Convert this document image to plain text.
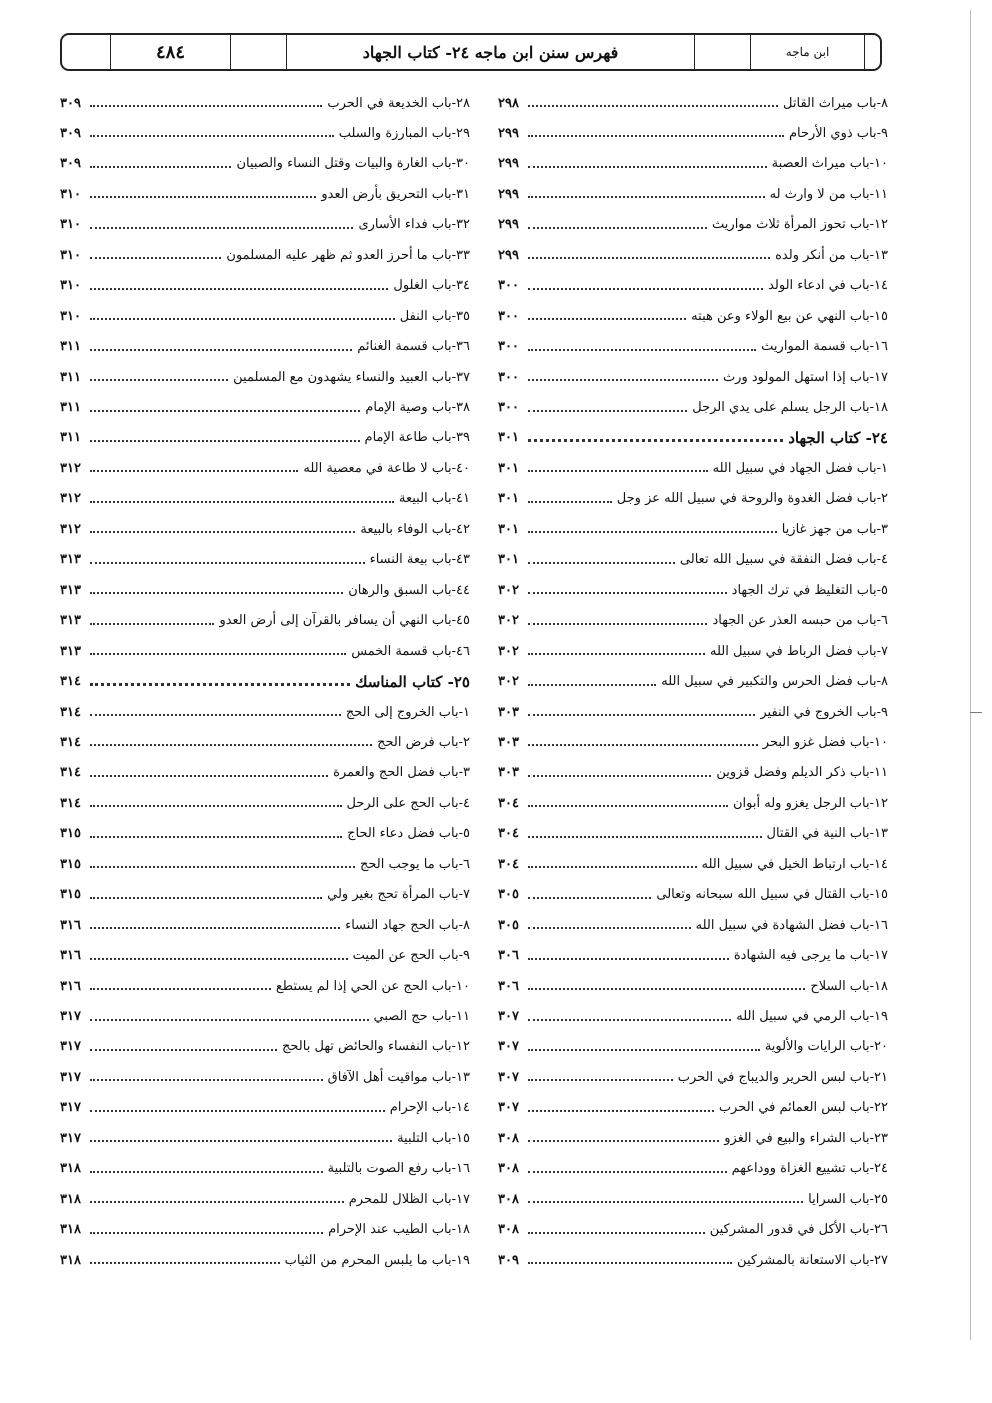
٤٨٤	فهرس سنن ابن ماجه ٢٤- كتاب الجهاد	ابن ماجه
٨-باب ميراث القاتل
٢٩٨
٩-باب ذوي الأرحام
٢٩٩
١٠-باب ميراث العصبة
٢٩٩
١١-باب من لا وارث له
٢٩٩
١٢-باب تحوز المرأة ثلاث مواريث
٢٩٩
١٣-باب من أنكر ولده
٢٩٩
١٤-باب في ادعاء الولد
٣٠٠
١٥-باب النهي عن بيع الولاء وعن هبته
٣٠٠
١٦-باب قسمة المواريث
٣٠٠
١٧-باب إذا استهل المولود ورث
٣٠٠
١٨-باب الرجل يسلم على يدي الرجل
٣٠٠
٢٤- كتاب الجهاد
٣٠١
١-باب فضل الجهاد في سبيل الله
٣٠١
٢-باب فضل الغدوة والروحة في سبيل الله عز وجل
٣٠١
٣-باب من جهز غازيا
٣٠١
٤-باب فضل النفقة في سبيل الله تعالى
٣٠١
٥-باب التغليظ في ترك الجهاد
٣٠٢
٦-باب من حبسه العذر عن الجهاد
٣٠٢
٧-باب فضل الرباط في سبيل الله
٣٠٢
٨-باب فضل الحرس والتكبير في سبيل الله
٣٠٢
٩-باب الخروج في النفير
٣٠٣
١٠-باب فضل غزو البحر
٣٠٣
١١-باب ذكر الديلم وفضل قزوين
٣٠٣
١٢-باب الرجل يغزو وله أبوان
٣٠٤
١٣-باب النية في القتال
٣٠٤
١٤-باب ارتباط الخيل في سبيل الله
٣٠٤
١٥-باب القتال في سبيل الله سبحانه وتعالى
٣٠٥
١٦-باب فضل الشهادة في سبيل الله
٣٠٥
١٧-باب ما يرجى فيه الشهادة
٣٠٦
١٨-باب السلاح
٣٠٦
١٩-باب الرمي في سبيل الله
٣٠٧
٢٠-باب الرايات والألوية
٣٠٧
٢١-باب لبس الحرير والديباج في الحرب
٣٠٧
٢٢-باب لبس العمائم في الحرب
٣٠٧
٢٣-باب الشراء والبيع في الغزو
٣٠٨
٢٤-باب تشييع الغزاة ووداعهم
٣٠٨
٢٥-باب السرايا
٣٠٨
٢٦-باب الأكل في قدور المشركين
٣٠٨
٢٧-باب الاستعانة بالمشركين
٣٠٩
٢٨-باب الخديعة في الحرب
٣٠٩
٢٩-باب المبارزة والسلب
٣٠٩
٣٠-باب الغارة والبيات وقتل النساء والصبيان
٣٠٩
٣١-باب التحريق بأرض العدو
٣١٠
٣٢-باب فداء الأسارى
٣١٠
٣٣-باب ما أحرز العدو ثم ظهر عليه المسلمون
٣١٠
٣٤-باب الغلول
٣١٠
٣٥-باب النفل
٣١٠
٣٦-باب قسمة الغنائم
٣١١
٣٧-باب العبيد والنساء يشهدون مع المسلمين
٣١١
٣٨-باب وصية الإمام
٣١١
٣٩-باب طاعة الإمام
٣١١
٤٠-باب لا طاعة في معصية الله
٣١٢
٤١-باب البيعة
٣١٢
٤٢-باب الوفاء بالبيعة
٣١٢
٤٣-باب بيعة النساء
٣١٣
٤٤-باب السبق والرهان
٣١٣
٤٥-باب النهي أن يسافر بالقرآن إلى أرض العدو
٣١٣
٤٦-باب قسمة الخمس
٣١٣
٢٥- كتاب المناسك
٣١٤
١-باب الخروج إلى الحج
٣١٤
٢-باب فرض الحج
٣١٤
٣-باب فضل الحج والعمرة
٣١٤
٤-باب الحج على الرحل
٣١٤
٥-باب فضل دعاء الحاج
٣١٥
٦-باب ما يوجب الحج
٣١٥
٧-باب المرأة تحج بغير ولي
٣١٥
٨-باب الحج جهاد النساء
٣١٦
٩-باب الحج عن الميت
٣١٦
١٠-باب الحج عن الحي إذا لم يستطع
٣١٦
١١-باب حج الصبي
٣١٧
١٢-باب النفساء والحائض تهل بالحج
٣١٧
١٣-باب مواقيت أهل الآفاق
٣١٧
١٤-باب الإحرام
٣١٧
١٥-باب التلبية
٣١٧
١٦-باب رفع الصوت بالتلبية
٣١٨
١٧-باب الظلال للمحرم
٣١٨
١٨-باب الطيب عند الإحرام
٣١٨
١٩-باب ما يلبس المحرم من الثياب
٣١٨
